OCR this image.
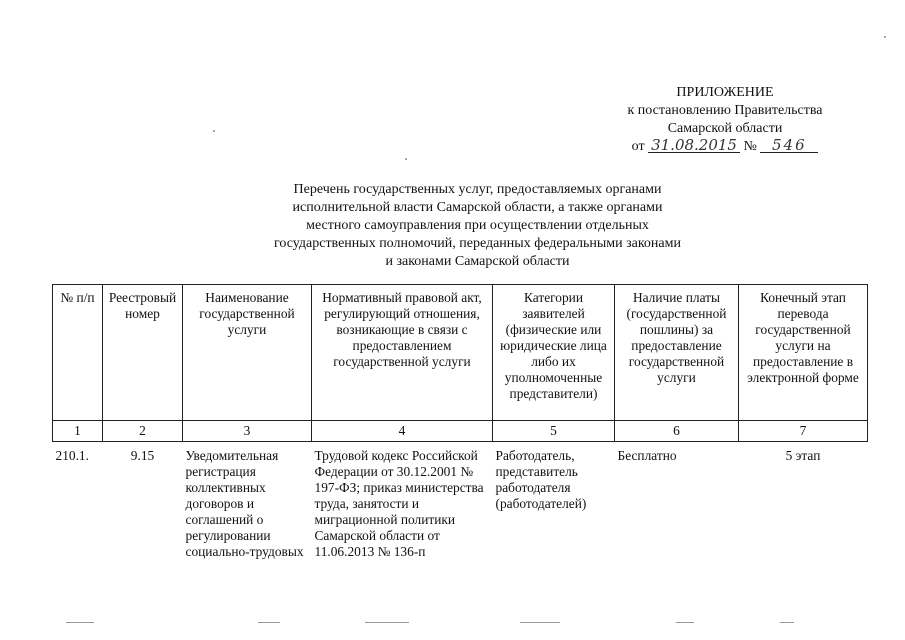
ПРИЛОЖЕНИЕ
к постановлению Правительства
Самарской области
от 31.08.2015 № 546
Перечень государственных услуг, предоставляемых органами
исполнительной власти Самарской области, а также органами
местного самоуправления при осуществлении отдельных
государственных полномочий, переданных федеральными законами
и законами Самарской области
№ п/п	Реестровый номер	Наименование государственной услуги	Нормативный правовой акт, регулирующий отношения, возникающие в связи с предоставлением государственной услуги	Категории заявителей (физические или юридические лица либо их уполномоченные представители)	Наличие платы (государственной пошлины) за предоставление государственной услуги	Конечный этап перевода государственной услуги на предоставление в электронной форме
1	2	3	4	5	6	7
210.1.	9.15	Уведомительная регистрация коллективных договоров и соглашений о регулировании социально-трудовых	Трудовой кодекс Российской Федерации от 30.12.2001 № 197-ФЗ; приказ министерства труда, занятости и миграционной политики Самарской области от 11.06.2013 № 136-п	Работодатель, представитель работодателя (работодателей)	Бесплатно	5 этап
